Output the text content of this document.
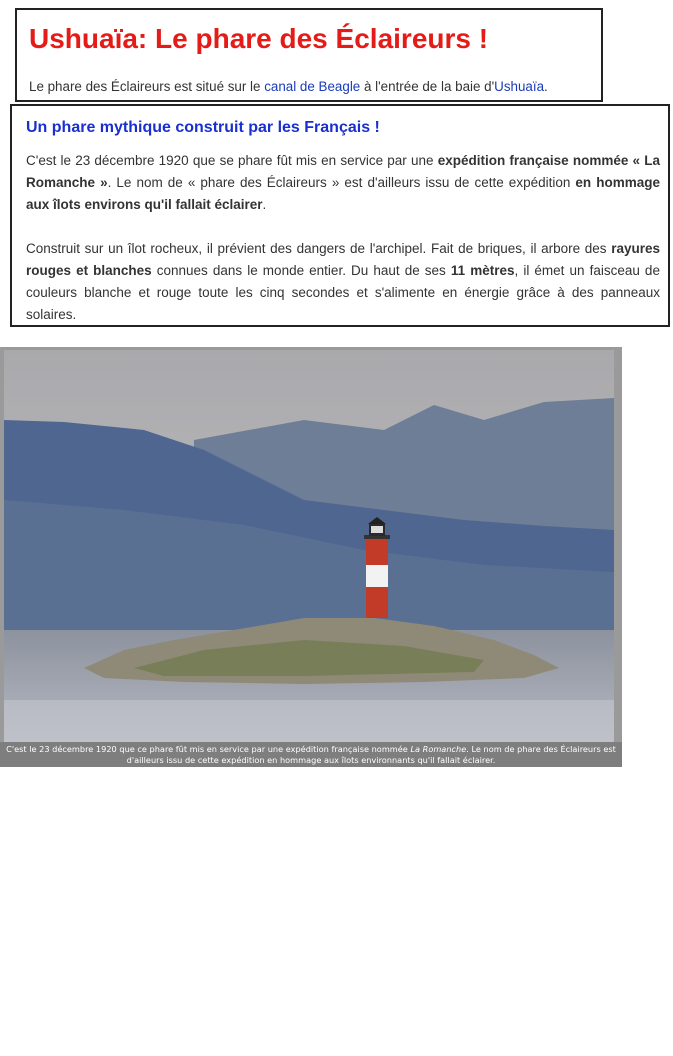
Ushuaïa: Le phare des Éclaireurs !

Le phare des Éclaireurs est situé sur le canal de Beagle à l'entrée de la baie d'Ushuaïa.

Un phare mythique construit par les Français !

C'est le 23 décembre 1920 que se phare fût mis en service par une expédition française nommée « La Romanche ». Le nom de « phare des Éclaireurs » est d'ailleurs issu de cette expédition en hommage aux îlots environs qu'il fallait éclairer.

Construit sur un îlot rocheux, il prévient des dangers de l'archipel. Fait de briques, il arbore des rayures rouges et blanches connues dans le monde entier. Du haut de ses 11 mètres, il émet un faisceau de couleurs blanche et rouge toute les cinq secondes et s'alimente en énergie grâce à des panneaux solaires.

©Lannic
C'est le 23 décembre 1920 que ce phare fût mis en service par une expédition française nommée La Romanche. Le nom de phare des Éclaireurs est d'ailleurs issu de cette expédition en hommage aux îlots environnants qu'il fallait éclairer.
